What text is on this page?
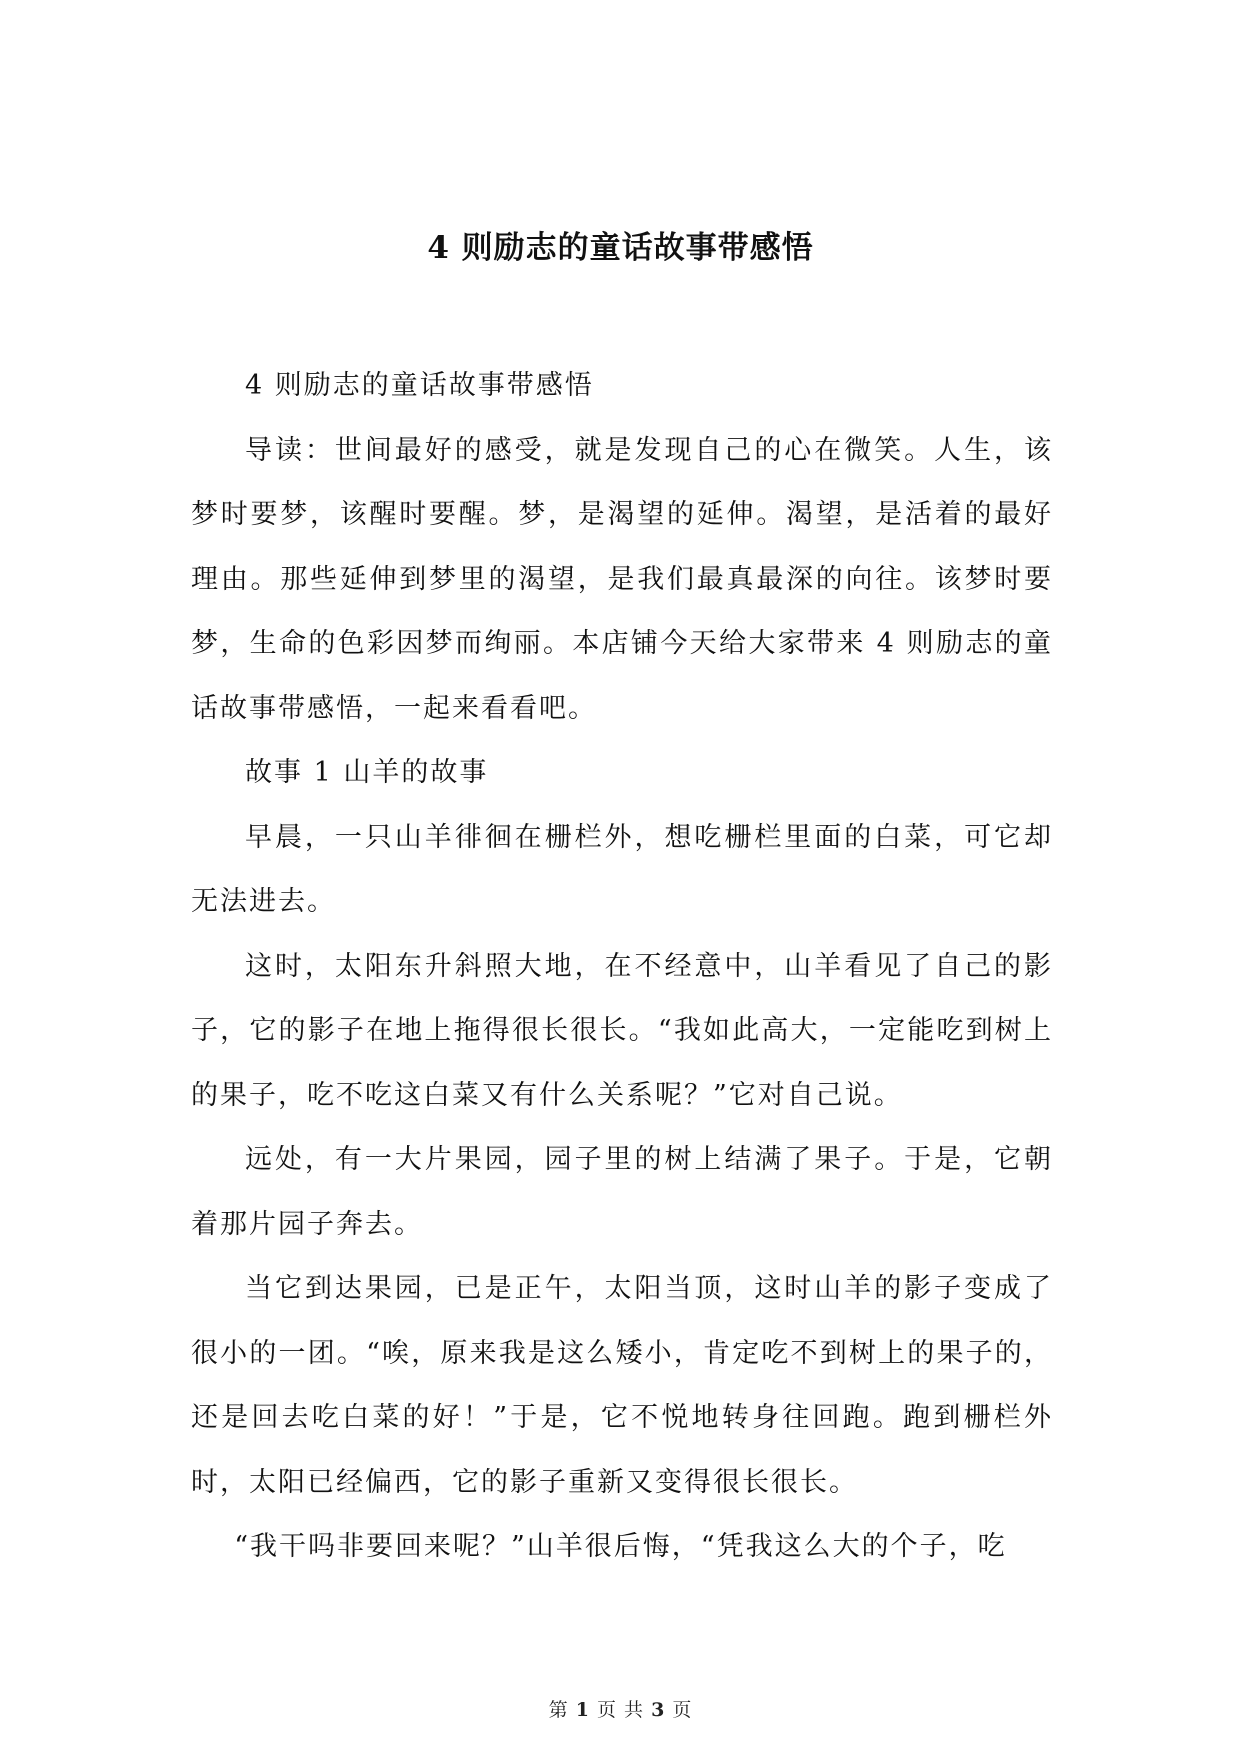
4 则励志的童话故事带感悟

4 则励志的童话故事带感悟

导读：世间最好的感受，就是发现自己的心在微笑。人生，该梦时要梦，该醒时要醒。梦，是渴望的延伸。渴望，是活着的最好理由。那些延伸到梦里的渴望，是我们最真最深的向往。该梦时要梦，生命的色彩因梦而绚丽。本店铺今天给大家带来 4 则励志的童话故事带感悟，一起来看看吧。

故事 1 山羊的故事

早晨，一只山羊徘徊在栅栏外，想吃栅栏里面的白菜，可它却无法进去。

这时，太阳东升斜照大地，在不经意中，山羊看见了自己的影子，它的影子在地上拖得很长很长。“我如此高大，一定能吃到树上的果子，吃不吃这白菜又有什么关系呢？”它对自己说。

远处，有一大片果园，园子里的树上结满了果子。于是，它朝着那片园子奔去。

当它到达果园，已是正午，太阳当顶，这时山羊的影子变成了很小的一团。“唉，原来我是这么矮小，肯定吃不到树上的果子的，还是回去吃白菜的好！”于是，它不悦地转身往回跑。跑到栅栏外时，太阳已经偏西，它的影子重新又变得很长很长。

“我干吗非要回来呢？”山羊很后悔，“凭我这么大的个子，吃

第 1 页 共 3 页
